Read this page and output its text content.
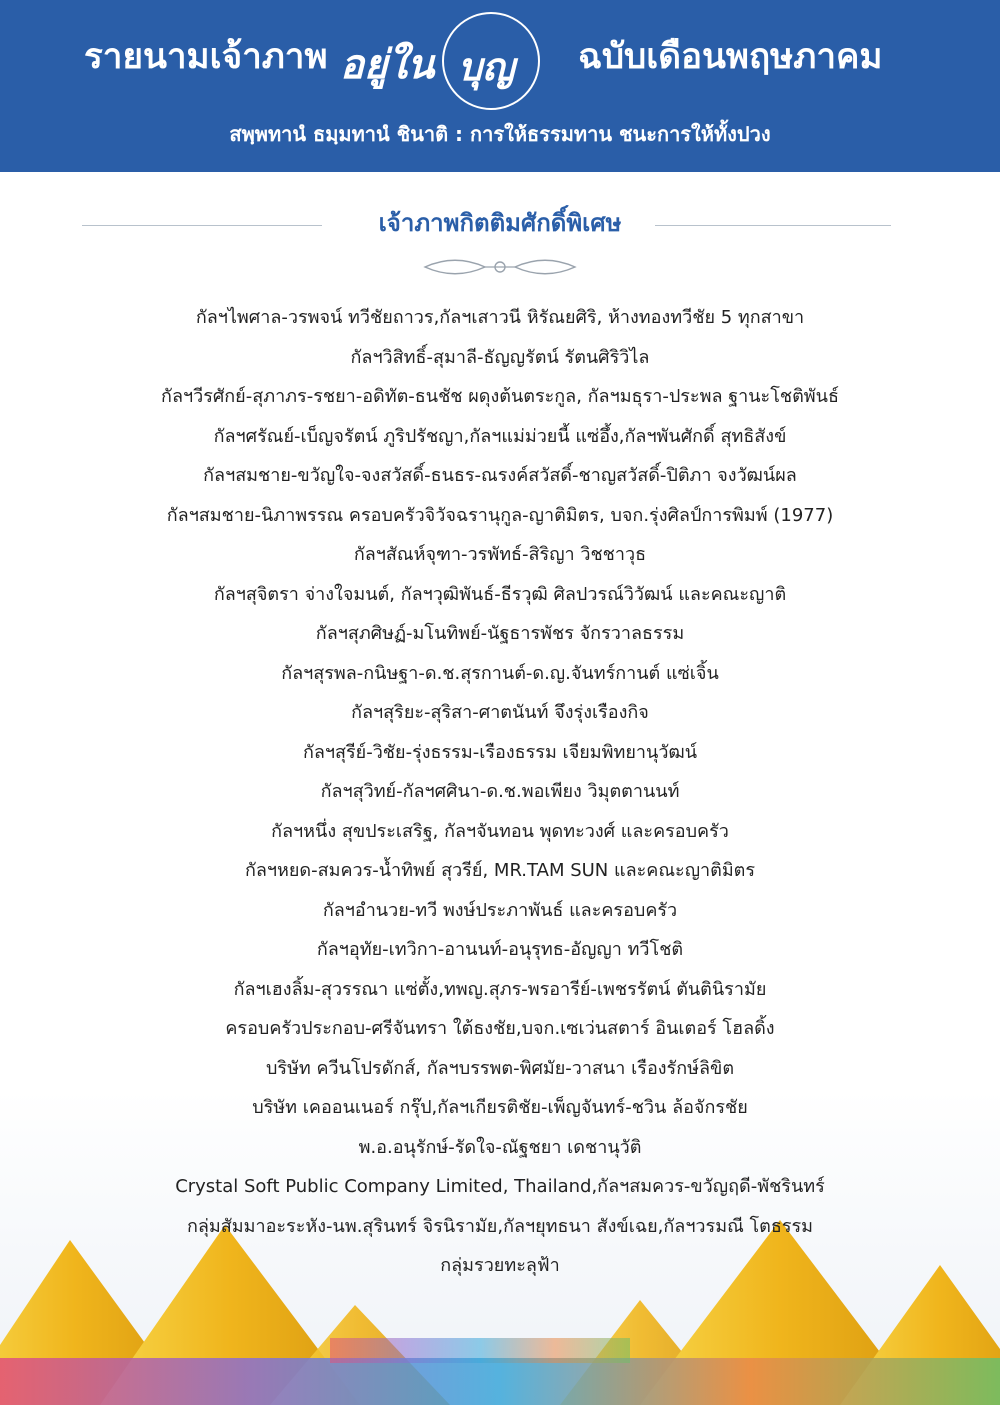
รายนามเจ้าภาพ อยู่ใน บุญ ฉบับเดือนพฤษภาคม
สพฺพทานํ ธมฺมทานํ ชินาติ : การให้ธรรมทาน ชนะการให้ทั้งปวง
เจ้าภาพกิตติมศักดิ์พิเศษ
กัลฯไพศาล-วรพจน์ ทวีชัยถาวร,กัลฯเสาวนี หิรัณยศิริ, ห้างทองทวีชัย 5 ทุกสาขา
กัลฯวิสิทธิ์-สุมาลี-ธัญญรัตน์ รัตนศิริวิไล
กัลฯวีรศักย์-สุภาภร-รชยา-อดิทัต-ธนชัช ผดุงต้นตระกูล, กัลฯมธุรา-ประพล ฐานะโชติพันธ์
กัลฯศรัณย์-เบ็ญจรัตน์ ภูริปรัชญา,กัลฯแม่ม่วยนี้ แซ่อึ้ง,กัลฯพันศักดิ์ สุทธิสังข์
กัลฯสมชาย-ขวัญใจ-จงสวัสดิ์-ธนธร-ณรงค์สวัสดิ์-ชาญสวัสดิ์-ปิติภา จงวัฒน์ผล
กัลฯสมชาย-นิภาพรรณ ครอบครัวจิวัจฉรานุกูล-ญาติมิตร, บจก.รุ่งศิลป์การพิมพ์ (1977)
กัลฯสัณห์จุฑา-วรพัทธ์-สิริญา วิชชาวุธ
กัลฯสุจิตรา จ่างใจมนต์, กัลฯวุฒิพันธ์-ธีรวุฒิ ศิลปวรณ์วิวัฒน์ และคณะญาติ
กัลฯสุภศิษฏ์-มโนทิพย์-นัฐธารพัชร จักรวาลธรรม
กัลฯสุรพล-กนิษฐา-ด.ช.สุรกานต์-ด.ญ.จันทร์กานต์ แซ่เจิ้น
กัลฯสุริยะ-สุริสา-ศาตนันท์ จึงรุ่งเรืองกิจ
กัลฯสุรีย์-วิชัย-รุ่งธรรม-เรืองธรรม เจียมพิทยานุวัฒน์
กัลฯสุวิทย์-กัลฯศศินา-ด.ช.พอเพียง วิมุตตานนท์
กัลฯหนึ่ง สุขประเสริฐ, กัลฯจันทอน พุดทะวงศ์ และครอบครัว
กัลฯหยด-สมควร-น้ำทิพย์ สุวรีย์, MR.TAM SUN และคณะญาติมิตร
กัลฯอำนวย-ทวี พงษ์ประภาพันธ์ และครอบครัว
กัลฯอุทัย-เทวิกา-อานนท์-อนุรุทธ-อัญญา ทวีโชติ
กัลฯเฮงลิ้ม-สุวรรณา แซ่ตั้ง,ทพญ.สุภร-พรอารีย์-เพชรรัตน์ ตันตินิรามัย
ครอบครัวประกอบ-ศรีจันทรา ใต้ธงชัย,บจก.เซเว่นสตาร์ อินเตอร์ โฮลดิ้ง
บริษัท ควีนโปรดักส์, กัลฯบรรพต-พิศมัย-วาสนา เรืองรักษ์ลิขิต
บริษัท เคออนเนอร์ กรุ๊ป,กัลฯเกียรติชัย-เพ็ญจันทร์-ชวิน ล้อจักรชัย
พ.อ.อนุรักษ์-รัดใจ-ณัฐชยา เดชานุวัติ
Crystal Soft Public Company Limited, Thailand,กัลฯสมควร-ขวัญฤดี-พัชรินทร์
กลุ่มสัมมาอะระหัง-นพ.สุรินทร์ จิรนิรามัย,กัลฯยุทธนา สังข์เฉย,กัลฯวรมณี โตธรรม
กลุ่มรวยทะลุฟ้า
